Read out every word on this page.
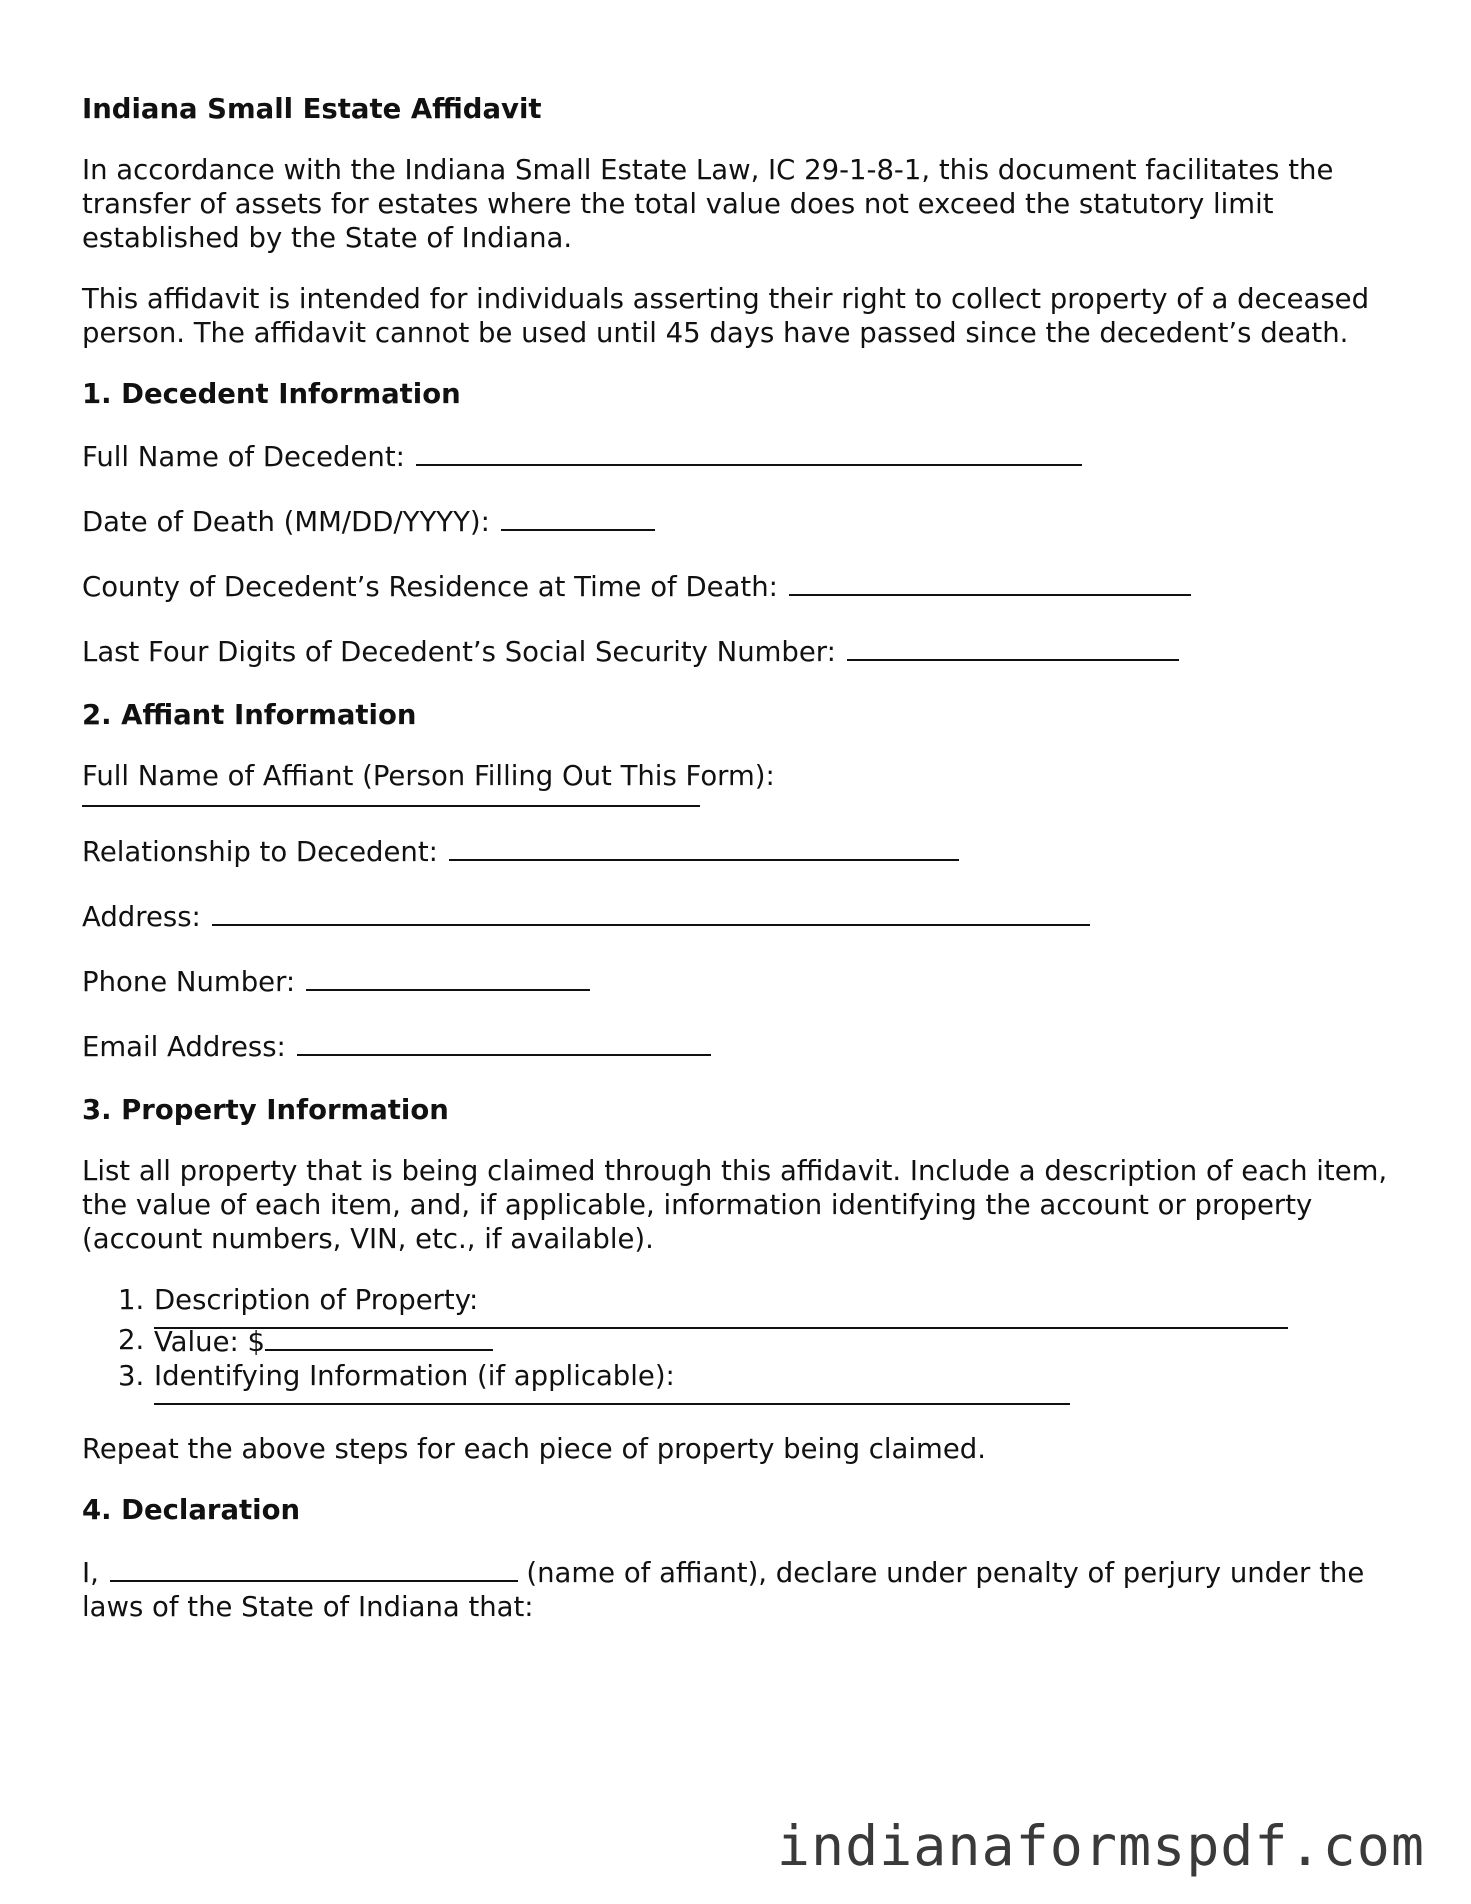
Indiana Small Estate Affidavit
In accordance with the Indiana Small Estate Law, IC 29-1-8-1, this document facilitates the transfer of assets for estates where the total value does not exceed the statutory limit established by the State of Indiana.
This affidavit is intended for individuals asserting their right to collect property of a deceased person. The affidavit cannot be used until 45 days have passed since the decedent’s death.
1. Decedent Information
Full Name of Decedent:
Date of Death (MM/DD/YYYY):
County of Decedent’s Residence at Time of Death:
Last Four Digits of Decedent’s Social Security Number:
2. Affiant Information
Full Name of Affiant (Person Filling Out This Form):
Relationship to Decedent:
Address:
Phone Number:
Email Address:
3. Property Information
List all property that is being claimed through this affidavit. Include a description of each item, the value of each item, and, if applicable, information identifying the account or property (account numbers, VIN, etc., if available).
1. Description of Property:
2. Value: $
3. Identifying Information (if applicable):
Repeat the above steps for each piece of property being claimed.
4. Declaration
I,	(name of affiant), declare under penalty of perjury under the laws of the State of Indiana that:
indianaformspdf.com
